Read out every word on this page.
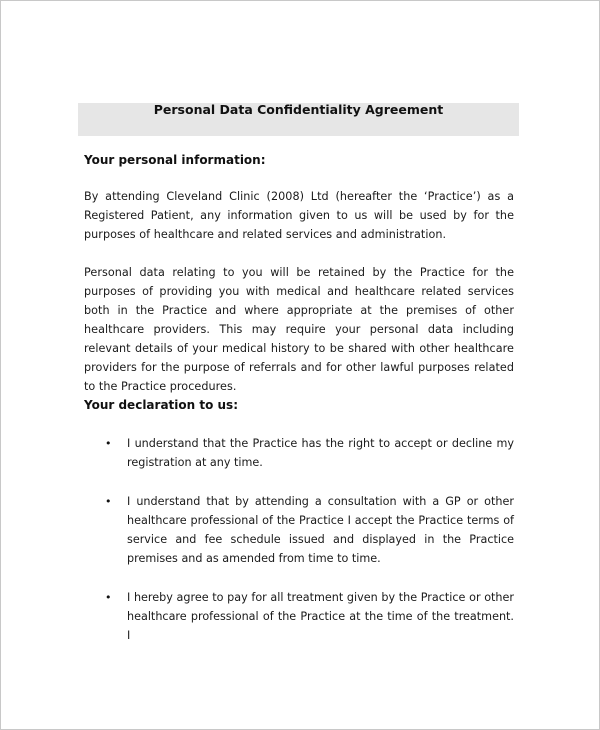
Personal Data Confidentiality Agreement
Your personal information:
By attending Cleveland Clinic (2008) Ltd (hereafter the ‘Practice’) as a Registered Patient, any information given to us will be used by for the purposes of healthcare and related services and administration.
Personal data relating to you will be retained by the Practice for the purposes of providing you with medical and healthcare related services both in the Practice and where appropriate at the premises of other healthcare providers. This may require your personal data including relevant details of your medical history to be shared with other healthcare providers for the purpose of referrals and for other lawful purposes related to the Practice procedures.
Your declaration to us:
• I understand that the Practice has the right to accept or decline my registration at any time.
• I understand that by attending a consultation with a GP or other healthcare professional of the Practice I accept the Practice terms of service and fee schedule issued and displayed in the Practice premises and as amended from time to time.
• I hereby agree to pay for all treatment given by the Practice or other healthcare professional of the Practice at the time of the treatment. I
